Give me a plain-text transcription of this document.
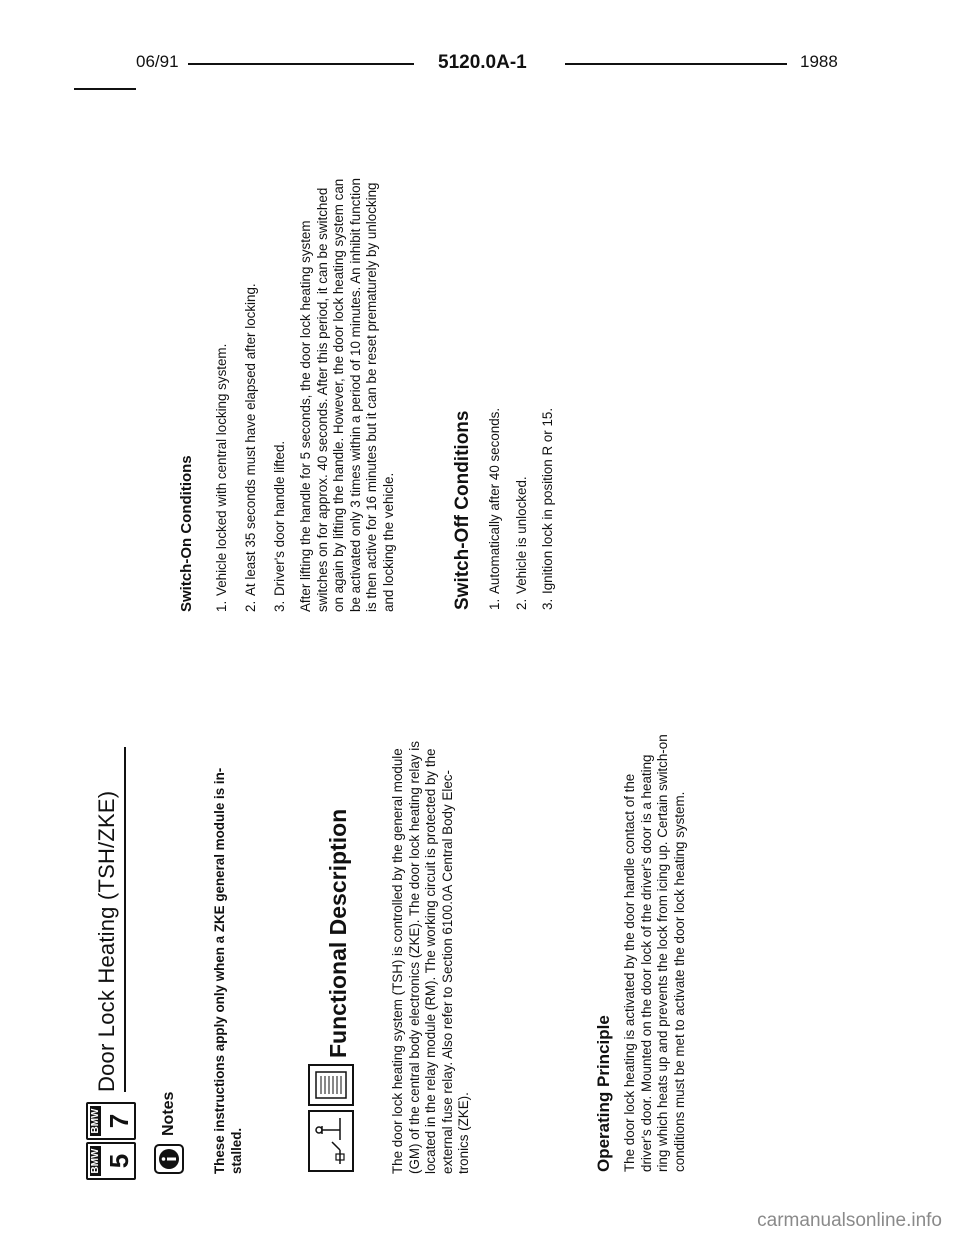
06/91	5120.0A-1	1988
BMW 5
BMW 7
Door Lock Heating (TSH/ZKE)
Notes	These instructions apply only when a ZKE general module is in- stalled.
Functional Description	The door lock heating system (TSH) is controlled by the general module (GM) of the central body electronics (ZKE). The door lock heating relay is located in the relay module (RM). The working circuit is protected by the external fuse relay. Also refer to Section 6100.0A Central Body Elec- tronics (ZKE).	Operating Principle The door lock heating is activated by the door handle contact of the driver's door. Mounted on the door lock of the driver's door is a heating ring which heats up and prevents the lock from icing up. Certain switch-on conditions must be met to activate the door lock heating system.
Switch-On Conditions 1.Vehicle locked with central locking system.
2.At least 35 seconds must have elapsed after locking.
3.Driver's door handle lifted. After lifting the handle for 5 seconds, the door lock heating system switches on for approx. 40 seconds. After this period, it can be switched on again by lifting the handle. However, the door lock heating system can be activated only 3 times within a period of 10 minutes. An inhibit function is then active for 16 minutes but it can be reset prematurely by unlocking and locking the vehicle.	Switch-Off Conditions 1.Automatically after 40 seconds.
2.Vehicle is unlocked.
3.Ignition lock in position R or 15.
carmanualsonline.info
